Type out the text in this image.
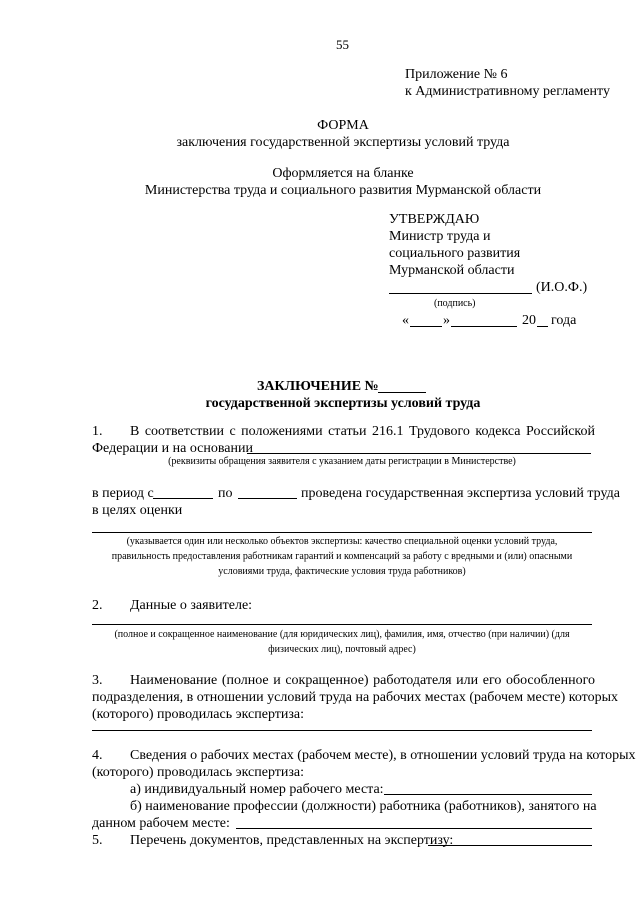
55
Приложение № 6
к Административному регламенту
ФОРМА
заключения государственной экспертизы условий труда
Оформляется на бланке
Министерства труда и социального развития Мурманской области
УТВЕРЖДАЮ
Министр труда и
социального развития
Мурманской области
(И.О.Ф.)
(подпись)
« »	20 года
ЗАКЛЮЧЕНИЕ №
государственной экспертизы условий труда
1. В соответствии с положениями статьи 216.1 Трудового кодекса Российской
Федерации и на основании
(реквизиты обращения заявителя с указанием даты регистрации в Министерстве)
в период с	по	проведена государственная экспертиза условий труда
в целях оценки
(указывается один или несколько объектов экспертизы: качество специальной оценки условий труда,
правильность предоставления работникам гарантий и компенсаций за работу с вредными и (или) опасными
условиями труда, фактические условия труда работников)
2. Данные о заявителе:
(полное и сокращенное наименование (для юридических лиц), фамилия, имя, отчество (при наличии) (для
физических лиц), почтовый адрес)
3. Наименование (полное и сокращенное) работодателя или его обособленного
подразделения, в отношении условий труда на рабочих местах (рабочем месте) которых
(которого) проводилась экспертиза:
4. Сведения о рабочих местах (рабочем месте), в отношении условий труда на которых
(которого) проводилась экспертиза:
а) индивидуальный номер рабочего места:
б) наименование профессии (должности) работника (работников), занятого на
данном рабочем месте:
5. Перечень документов, представленных на экспертизу:
